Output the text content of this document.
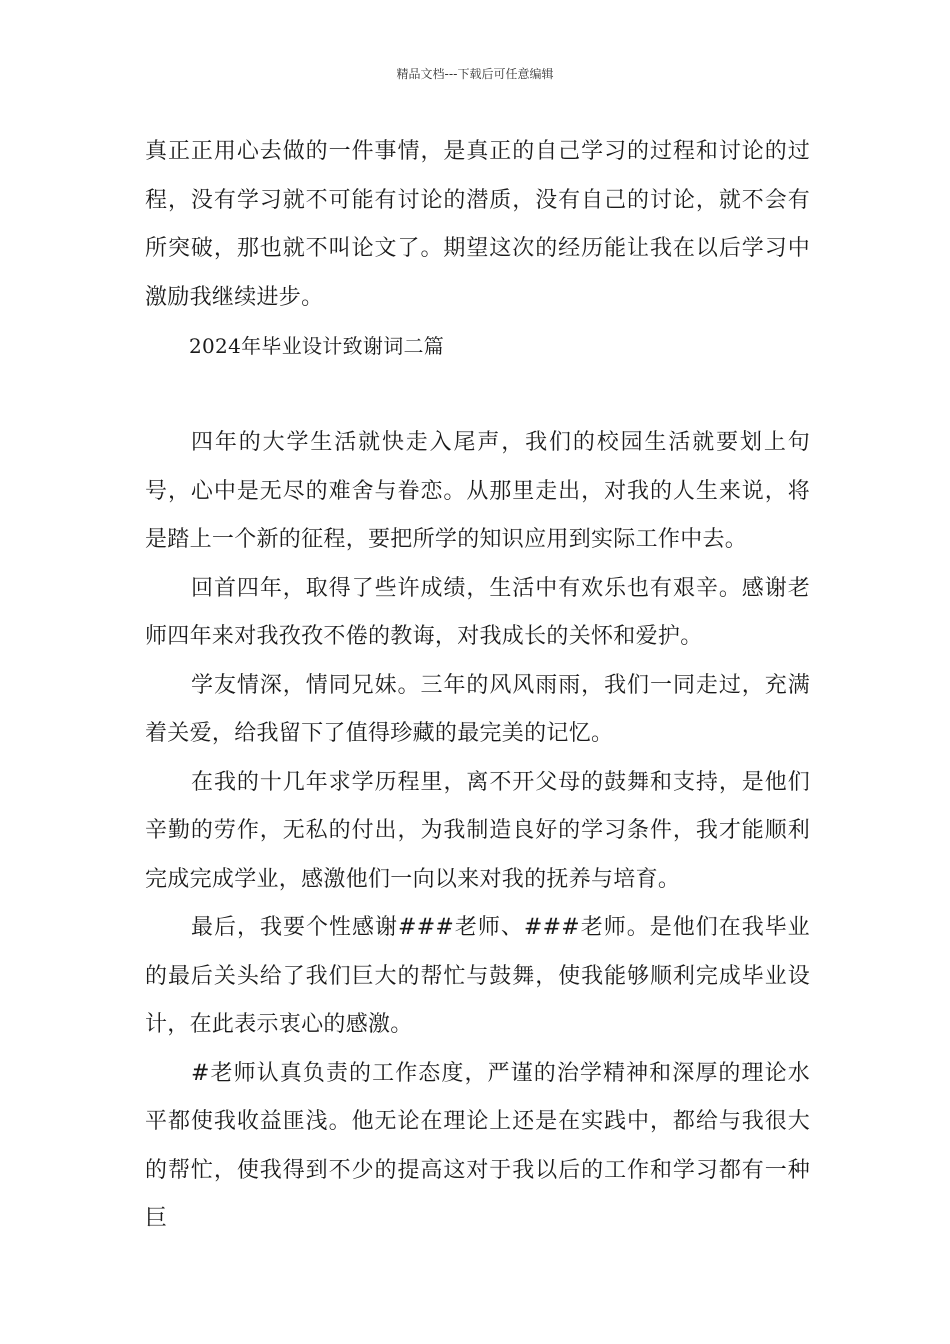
精品文档---下载后可任意编辑

真正正用心去做的一件事情，是真正的自己学习的过程和讨论的过程，没有学习就不可能有讨论的潜质，没有自己的讨论，就不会有所突破，那也就不叫论文了。期望这次的经历能让我在以后学习中激励我继续进步。

2024年毕业设计致谢词二篇

四年的大学生活就快走入尾声，我们的校园生活就要划上句号，心中是无尽的难舍与眷恋。从那里走出，对我的人生来说，将是踏上一个新的征程，要把所学的知识应用到实际工作中去。

回首四年，取得了些许成绩，生活中有欢乐也有艰辛。感谢老师四年来对我孜孜不倦的教诲，对我成长的关怀和爱护。

学友情深，情同兄妹。三年的风风雨雨，我们一同走过，充满着关爱，给我留下了值得珍藏的最完美的记忆。

在我的十几年求学历程里，离不开父母的鼓舞和支持，是他们辛勤的劳作，无私的付出，为我制造良好的学习条件，我才能顺利完成完成学业，感激他们一向以来对我的抚养与培育。

最后，我要个性感谢###老师、###老师。是他们在我毕业的最后关头给了我们巨大的帮忙与鼓舞，使我能够顺利完成毕业设计，在此表示衷心的感激。

#老师认真负责的工作态度，严谨的治学精神和深厚的理论水平都使我收益匪浅。他无论在理论上还是在实践中，都给与我很大的帮忙，使我得到不少的提高这对于我以后的工作和学习都有一种巨
